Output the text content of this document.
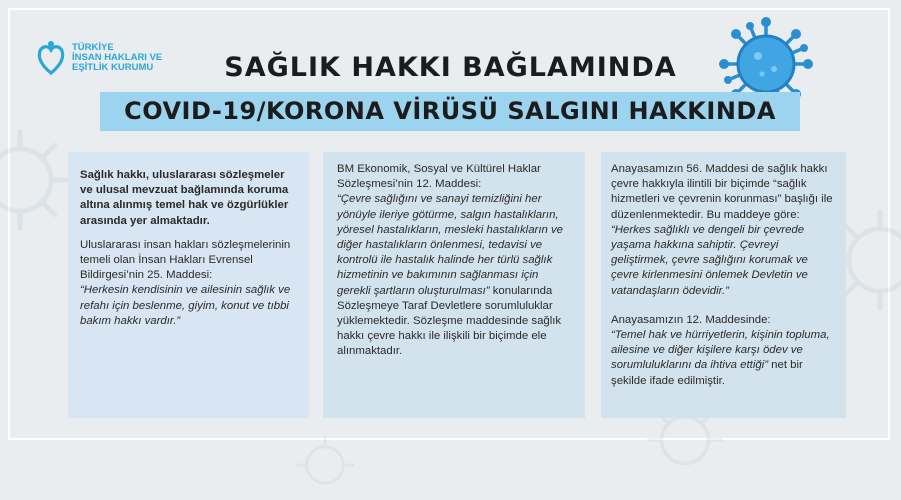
TÜRKİYE
İNSAN HAKLARI VE
EŞİTLİK KURUMU	SAĞLIK HAKKI BAĞLAMINDA
COVID-19/KORONA VİRÜSÜ SALGINI HAKKINDA

Sağlık hakkı, uluslararası sözleşmeler ve ulusal mevzuat bağlamında koruma altına alınmış temel hak ve özgürlükler arasında yer almaktadır.

Uluslararası insan hakları sözleşmelerinin temeli olan İnsan Hakları Evrensel Bildirgesi’nin 25. Maddesi:

“Herkesin kendisinin ve ailesinin sağlık ve refahı için beslenme, giyim, konut ve tıbbi bakım hakkı vardır.”

BM Ekonomik, Sosyal ve Kültürel Haklar Sözleşmesi’nin 12. Maddesi:

“Çevre sağlığını ve sanayi temizliğini her yönüyle ileriye götürme, salgın hastalıkların, yöresel hastalıkların, mesleki hastalıkların ve diğer hastalıkların önlenmesi, tedavisi ve kontrolü ile hastalık halinde her türlü sağlık hizmetinin ve bakımının sağlanması için gerekli şartların oluşturulması” konularında Sözleşmeye Taraf Devletlere sorumluluklar yüklemektedir. Sözleşme maddesinde sağlık hakkı çevre hakkı ile ilişkili bir biçimde ele alınmaktadır.

Anayasamızın 56. Maddesi de sağlık hakkı çevre hakkıyla ilintili bir biçimde “sağlık hizmetleri ve çevrenin korunması” başlığı ile düzenlenmektedir. Bu maddeye göre:

“Herkes sağlıklı ve dengeli bir çevrede yaşama hakkına sahiptir. Çevreyi geliştirmek, çevre sağlığını korumak ve çevre kirlenmesini önlemek Devletin ve vatandaşların ödevidir.”

Anayasamızın 12. Maddesinde:

“Temel hak ve hürriyetlerin, kişinin topluma, ailesine ve diğer kişilere karşı ödev ve sorumluluklarını da ihtiva ettiği” net bir şekilde ifade edilmiştir.
